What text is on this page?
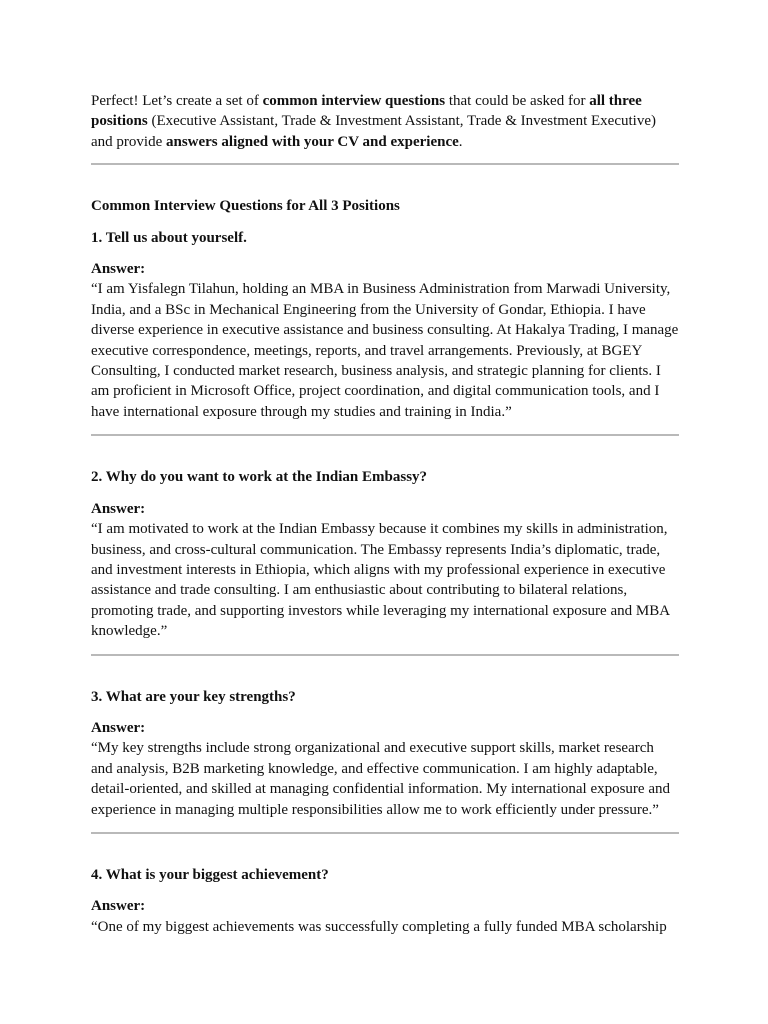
Perfect! Let’s create a set of common interview questions that could be asked for all three positions (Executive Assistant, Trade & Investment Assistant, Trade & Investment Executive) and provide answers aligned with your CV and experience.

Common Interview Questions for All 3 Positions

1. Tell us about yourself.

Answer:

“I am Yisfalegn Tilahun, holding an MBA in Business Administration from Marwadi University, India, and a BSc in Mechanical Engineering from the University of Gondar, Ethiopia. I have diverse experience in executive assistance and business consulting. At Hakalya Trading, I manage executive correspondence, meetings, reports, and travel arrangements. Previously, at BGEY Consulting, I conducted market research, business analysis, and strategic planning for clients. I am proficient in Microsoft Office, project coordination, and digital communication tools, and I have international exposure through my studies and training in India.”

2. Why do you want to work at the Indian Embassy?

Answer:

“I am motivated to work at the Indian Embassy because it combines my skills in administration, business, and cross-cultural communication. The Embassy represents India’s diplomatic, trade, and investment interests in Ethiopia, which aligns with my professional experience in executive assistance and trade consulting. I am enthusiastic about contributing to bilateral relations, promoting trade, and supporting investors while leveraging my international exposure and MBA knowledge.”

3. What are your key strengths?

Answer:

“My key strengths include strong organizational and executive support skills, market research and analysis, B2B marketing knowledge, and effective communication. I am highly adaptable, detail-oriented, and skilled at managing confidential information. My international exposure and experience in managing multiple responsibilities allow me to work efficiently under pressure.”

4. What is your biggest achievement?

Answer:

“One of my biggest achievements was successfully completing a fully funded MBA scholarship
